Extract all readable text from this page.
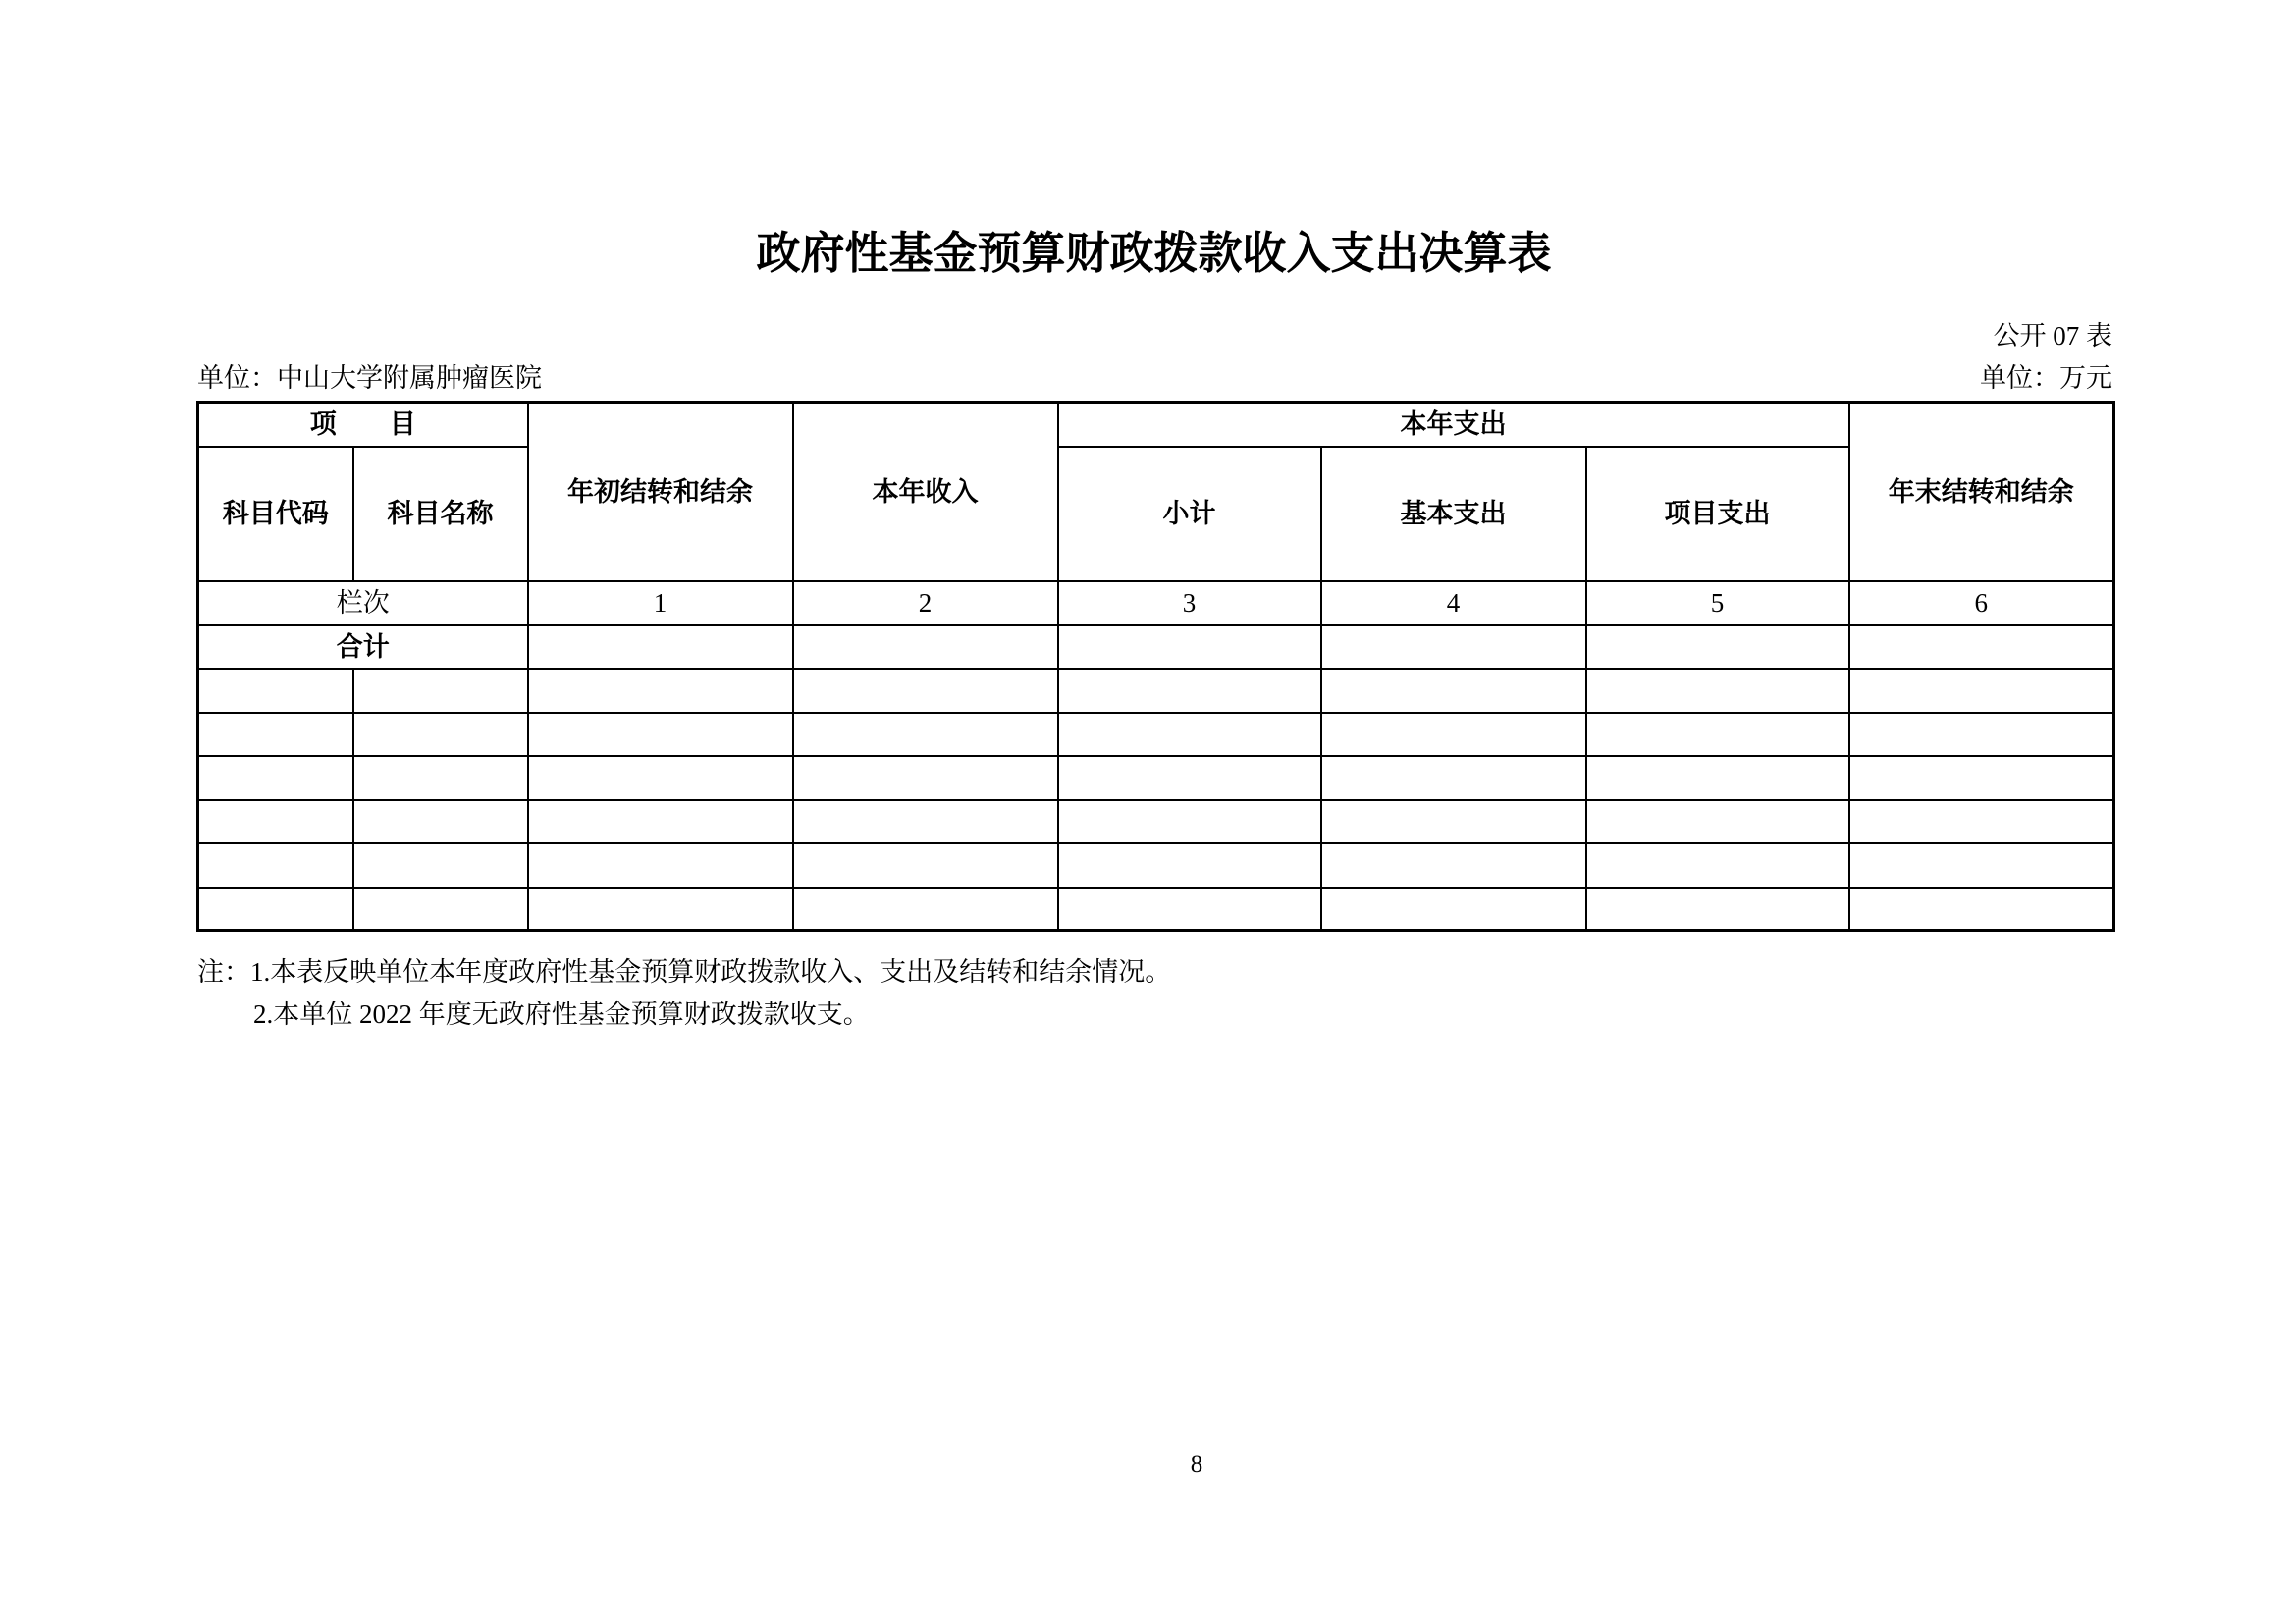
政府性基金预算财政拨款收入支出决算表
公开 07 表
单位：中山大学附属肿瘤医院	单位：万元
项　　目		年初结转和结余	本年收入	本年支出			年末结转和结余
科目代码	科目名称			小计	基本支出	项目支出	
栏次		1	2	3	4	5	6
合计							

注：1.本表反映单位本年度政府性基金预算财政拨款收入、支出及结转和结余情况。
2.本单位 2022 年度无政府性基金预算财政拨款收支。
8
